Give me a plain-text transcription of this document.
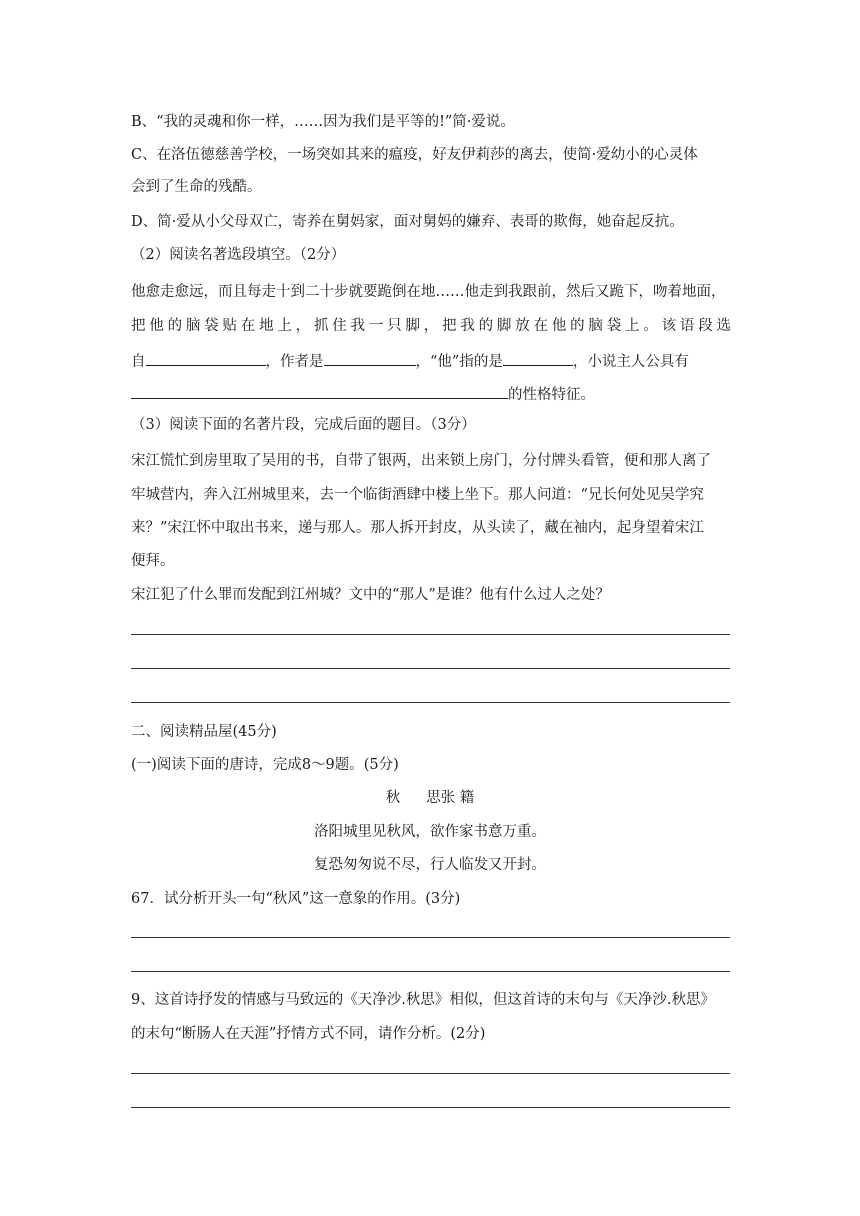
B、“我的灵魂和你一样，……因为我们是平等的!”简·爱说。
C、在洛伍德慈善学校，一场突如其来的瘟疫，好友伊莉莎的离去，使简·爱幼小的心灵体
会到了生命的残酷。
D、简·爱从小父母双亡，寄养在舅妈家，面对舅妈的嫌弃、表哥的欺侮，她奋起反抗。
（2）阅读名著选段填空。（2分）
他愈走愈远，而且每走十到二十步就要跪倒在地……他走到我跟前，然后又跪下，吻着地面，
把他的脑袋贴在地上，抓住我一只脚，把我的脚放在他的脑袋上。该语段选
自	，作者是	，“他”指的是	，小说主人公具有
的性格特征。
（3）阅读下面的名著片段，完成后面的题目。（3分）
宋江慌忙到房里取了吴用的书，自带了银两，出来锁上房门，分付牌头看管，便和那人离了
牢城营内，奔入江州城里来，去一个临街酒肆中楼上坐下。那人问道：“兄长何处见吴学究
来？”宋江怀中取出书来，递与那人。那人拆开封皮，从头读了，藏在袖内，起身望着宋江
便拜。
宋江犯了什么罪而发配到江州城？文中的“那人”是谁？他有什么过人之处？
二、阅读精品屋(45分)
(一)阅读下面的唐诗，完成8～9题。(5分)
秋 思张 籍
洛阳城里见秋风，欲作家书意万重。
复恐匆匆说不尽，行人临发又开封。
67．试分析开头一句“秋风”这一意象的作用。(3分)
9、这首诗抒发的情感与马致远的《天净沙.秋思》相似，但这首诗的末句与《天净沙.秋思》
的末句“断肠人在天涯”抒情方式不同，请作分析。(2分)
